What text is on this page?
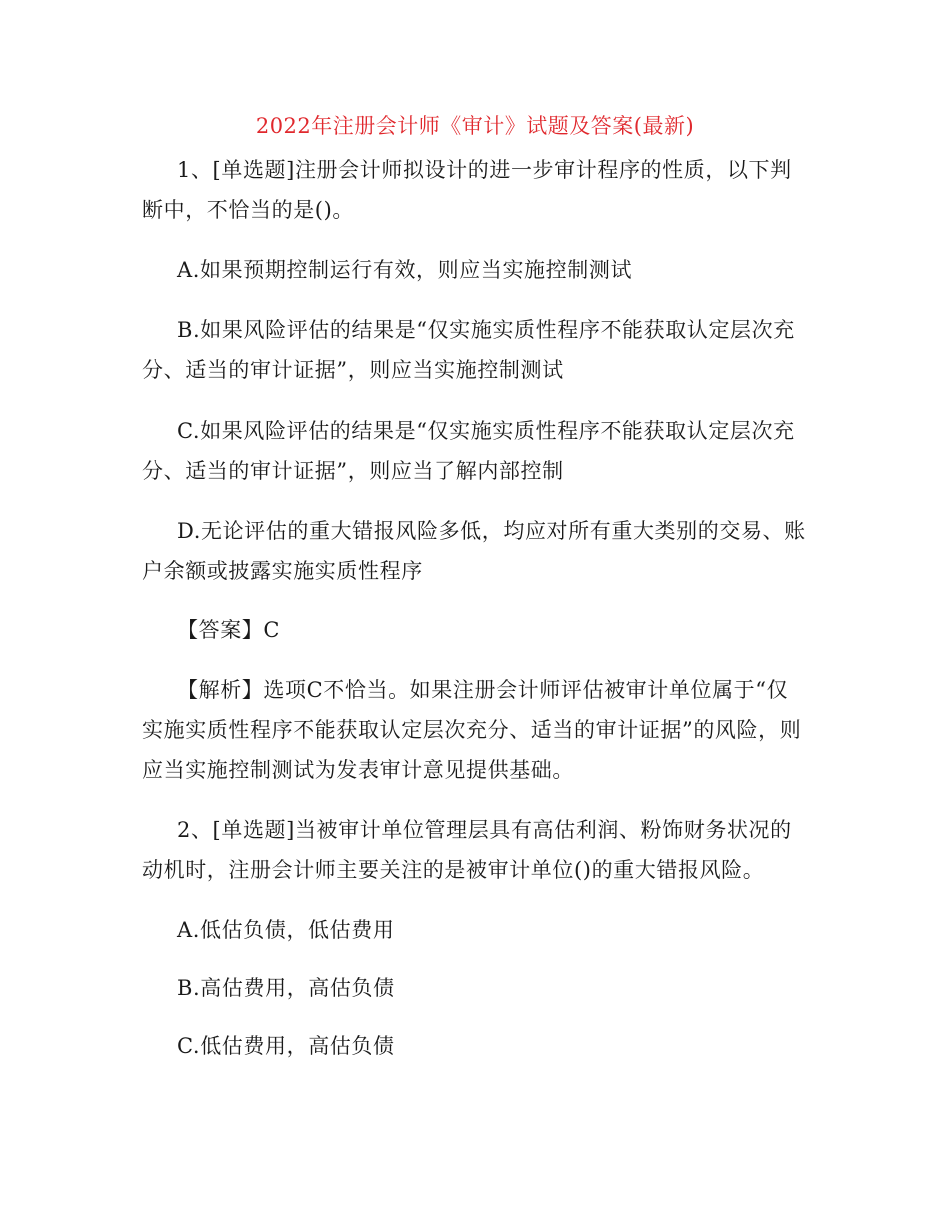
2022年注册会计师《审计》试题及答案(最新)
1、[单选题]注册会计师拟设计的进一步审计程序的性质，以下判断中，不恰当的是()。
A.如果预期控制运行有效，则应当实施控制测试
B.如果风险评估的结果是“仅实施实质性程序不能获取认定层次充分、适当的审计证据”，则应当实施控制测试
C.如果风险评估的结果是“仅实施实质性程序不能获取认定层次充分、适当的审计证据”，则应当了解内部控制
D.无论评估的重大错报风险多低，均应对所有重大类别的交易、账户余额或披露实施实质性程序
【答案】C
【解析】选项C不恰当。如果注册会计师评估被审计单位属于“仅实施实质性程序不能获取认定层次充分、适当的审计证据”的风险，则应当实施控制测试为发表审计意见提供基础。
2、[单选题]当被审计单位管理层具有高估利润、粉饰财务状况的动机时，注册会计师主要关注的是被审计单位()的重大错报风险。
A.低估负债，低估费用
B.高估费用，高估负债
C.低估费用，高估负债
